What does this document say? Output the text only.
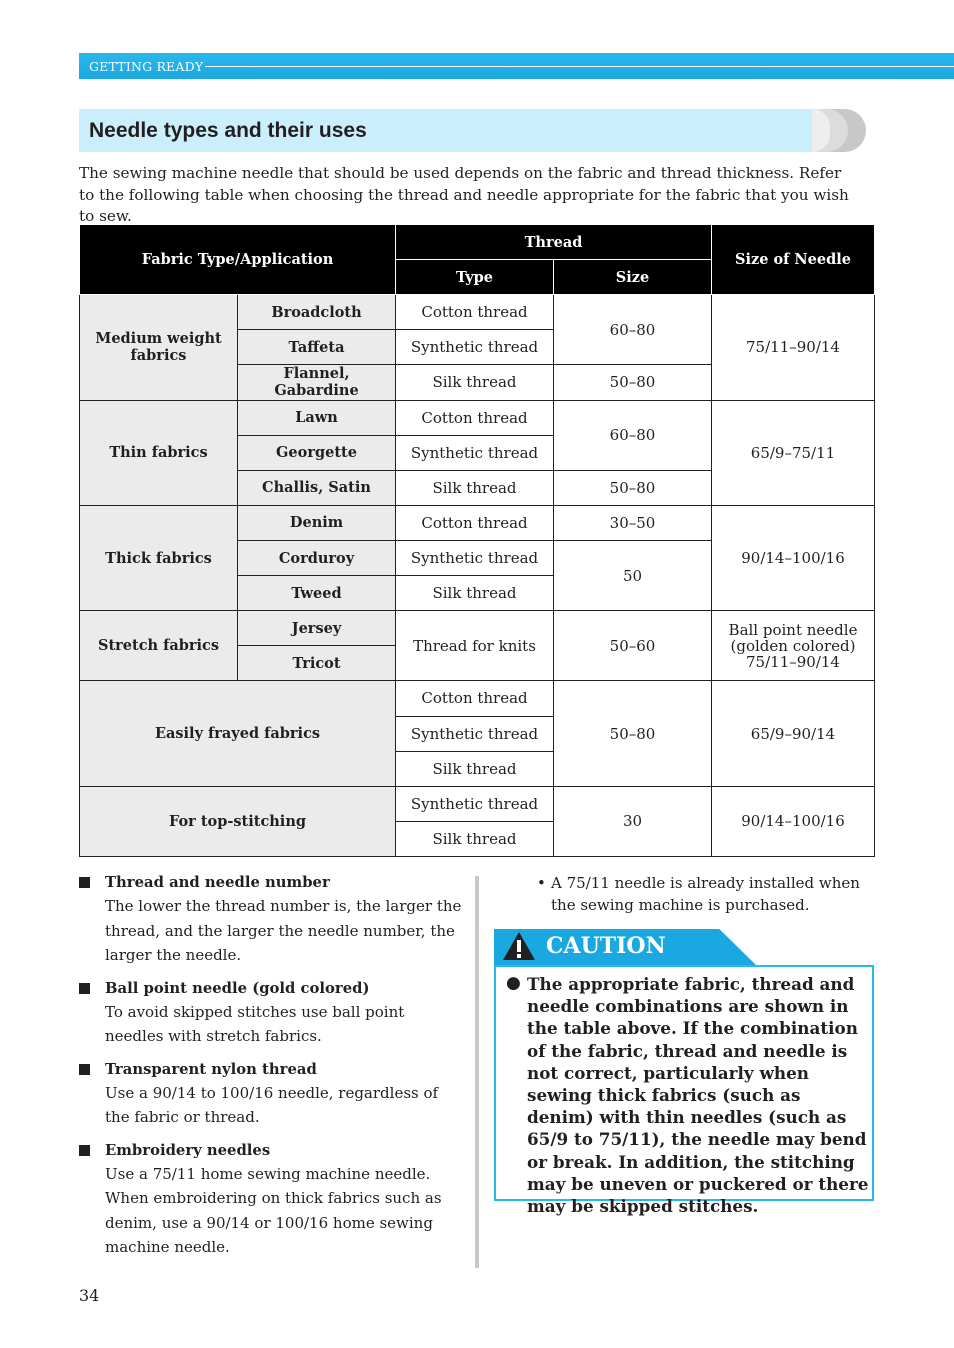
GETTING READY
Needle types and their uses
The sewing machine needle that should be used depends on the fabric and thread thickness. Refer to the following table when choosing the thread and needle appropriate for the fabric that you wish to sew.
Fabric Type/Application		Thread		Size of Needle
		Type	Size	
Medium weight fabrics	Broadcloth	Cotton thread	60–80	75/11–90/14
	Taffeta	Synthetic thread		
	Flannel, Gabardine	Silk thread	50–80	
Thin fabrics	Lawn	Cotton thread	60–80	65/9–75/11
	Georgette	Synthetic thread		
	Challis, Satin	Silk thread	50–80	
Thick fabrics	Denim	Cotton thread	30–50	90/14–100/16
	Corduroy	Synthetic thread	50	
	Tweed	Silk thread		
Stretch fabrics	Jersey	Thread for knits	50–60	Ball point needle
(golden colored)
75/11–90/14

	Tricot			
Easily frayed fabrics		Cotton thread	50–80	65/9–90/14
		Synthetic thread		
		Silk thread		
For top-stitching		Synthetic thread	30	90/14–100/16
		Silk thread		
Thread and needle number
The lower the thread number is, the larger the thread, and the larger the needle number, the larger the needle.
Ball point needle (gold colored)
To avoid skipped stitches use ball point needles with stretch fabrics.
Transparent nylon thread
Use a 90/14 to 100/16 needle, regardless of the fabric or thread.
Embroidery needles
Use a 75/11 home sewing machine needle. When embroidering on thick fabrics such as denim, use a 90/14 or 100/16 home sewing machine needle.
• A 75/11 needle is already installed when the sewing machine is purchased.
CAUTION
● The appropriate fabric, thread and needle combinations are shown in the table above. If the combination of the fabric, thread and needle is not correct, particularly when sewing thick fabrics (such as denim) with thin needles (such as 65/9 to 75/11), the needle may bend or break. In addition, the stitching may be uneven or puckered or there may be skipped stitches.
34
